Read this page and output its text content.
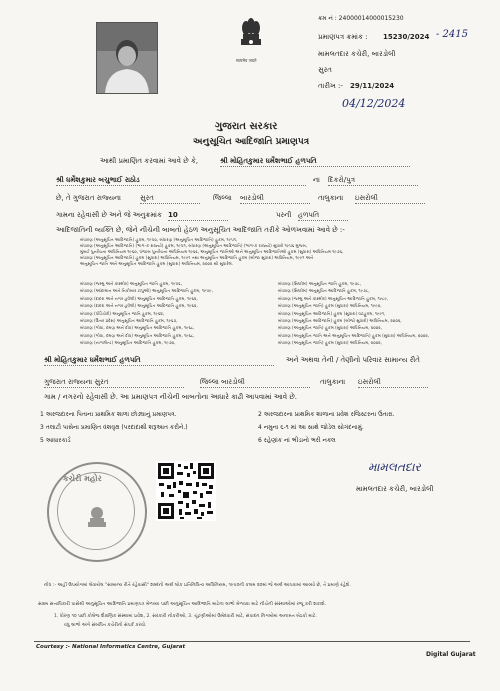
सत्यमेव जयते
ક્રમ નં : 24000014000015230
પ્રમાણપત્ર ક્રમાંક : 15230/2024 - 2415
મામલતદાર કચેરી, બારડોલી
સુરત
તારીખ :- 29/11/2024
04/12/2024
ગુજરાત સરકાર
અનુસૂચિત આદિજાતિ પ્રમાણપત્ર
આથી પ્રમાણિત કરવામાં આવે છે કે,	શ્રી મોહિતકુમાર ધર્મેશભાઈ હળપતિ
શ્રી ધર્મેશકુમાર બચુભાઈ રાઠોડ	ના દિકરો/પુત્ર
છે, તે ગુજરાત રાજ્યના	સુરત	જિલ્લા બારડોલી	તાલુકાના ઇસરોલી
ગામના રહેવાસી છે અને જે અનુક્રમાંક 10	પરની હળપતિ
આદિજાતિની વ્યક્તિ છે, જેને નીચેની બાબતો હેઠળ અનુસૂચિત આદિજાતિ તરીકે ઓળખવામાં આવે છે :-
બંધારણ (અનુસૂચિત આદિજાતિ) હુકમ, ૧૯૫૦, બંધારણ (અનુસૂચિત આદિજાતિ) હુકમ, ૧૯૫૧,
બંધારણ (અનુસૂચિત આદિજાતિ) (ભાગ-ક રાજ્યો) હુકમ, ૧૯૫૧, બંધારણ (અનુસૂચિત આદિજાતિ) (ભાગ-ક રાજ્યો) સુધારો ૧૯૫૬ મુજબ,
મુંબઈ પુનર્રચના અધિનિયમ ૧૯૬૦, પંજાબ પુનર્રચના અધિનિયમ ૧૯૬૬, અનુસૂચિત જાતિઓ અને અનુસૂચિત આદિજાતિઓ હુકમ (સુધારા) અધિનિયમ ૧૯૭૬,
બંધારણ (અનુસૂચિત આદિજાતિ) હુકમ (સુધારા) અધિનિયમ, ૧૯૯૧ તથા અનુસૂચિત આદિજાતિ હુકમ (બીજા સુધારા) અધિનિયમ, ૧૯૯૧ અને
અનુસૂચિત જાતિ અને અનુસૂચિત આદિજાતિ હુકમ (સુધારા) અધિનિયમ, ૨૦૦૨ થી સુધારેલ.
બંધારણ (જમ્મુ અને કાશ્મીર) અનુસૂચિત જાતિ હુકમ, ૧૯૫૬,
બંધારણ (આંદામાન અને નિકોબાર ટાપુઓ) અનુસૂચિત આદિજાતિ હુકમ, ૧૯૫૯,
બંધારણ (દાદરા અને નગર હવેલી) અનુસૂચિત આદિજાતિ હુકમ, ૧૯૬૨,
બંધારણ (દાદરા અને નગર હવેલી) અનુસૂચિત આદિજાતિ હુકમ, ૧૯૬૨,
બંધારણ (પોંડિચેરી) અનુસૂચિત જાતિ હુકમ, ૧૯૬૪,
બંધારણ (ઉત્તર પ્રદેશ) અનુસૂચિત આદિજાતિ હુકમ, ૧૯૬૭,
બંધારણ (ગોવા, દમણ અને દીવ) અનુસૂચિત આદિજાતિ હુકમ, ૧૯૬૮,
બંધારણ (ગોવા, દમણ અને દીવ) અનુસૂચિત આદિજાતિ હુકમ, ૧૯૬૮,
બંધારણ (નાગાલેન્ડ) અનુસૂચિત આદિજાતિ હુકમ, ૧૯૭૦,
બંધારણ (સિક્કીમ) અનુસૂચિત જાતિ હુકમ, ૧૯૭૮,
બંધારણ (સિક્કીમ) અનુસૂચિત આદિજાતિ હુકમ, ૧૯૭૮,
બંધારણ (જમ્મુ અને કાશ્મીર) અનુસૂચિત આદિજાતિ હુકમ, ૧૯૮૯,
બંધારણ (અનુસૂચિત જાતિ) હુકમ (સુધારા) અધિનિયમ, ૧૯૯૦,
બંધારણ (અનુસૂચિત આદિજાતિ) હુકમ (સુધારા) વટહુકમ, ૧૯૯૧,
બંધારણ (અનુસૂચિત આદિજાતિ) હુકમ (બીજો સુધારો) અધિનિયમ, ૨૦૦૨,
બંધારણ (અનુસૂચિત જાતિ) હુકમ (સુધારા) અધિનિયમ, ૨૦૦૨,
બંધારણ (અનુસૂચિત જાતિ અને અનુસૂચિત આદિજાતિ) હુકમ (સુધારા) અધિનિયમ, ૨૦૦૨,
બંધારણ (અનુસૂચિત જાતિ) હુકમ (સુધારા) અધિનિયમ, ૨૦૦૨,
શ્રી મોહિતકુમાર ધર્મેશભાઈ હળપતિ	અને અથવા તેની / તેણીનો પરિવાર સામાન્ય રીતે
ગુજરાત રાજ્યના સુરત	જિલ્લા બારડોલી	તાલુકાના ઇસરોલી
ગામ / નગરનો રહેવાસી છે. આ પ્રમાણપત્ર નીચેની બાબતોના આધારે કાઢી આપવામાં આવે છે.
1 અરજદારના પિતાના પ્રાથમિક શાળા છોડ્યાનું પ્રમાણપત્ર.	2 અરજદારના પ્રાથમિક શાળાના પ્રવેશ રજિસ્ટરના ઉતારા.
3 તલાટી પાસેના પ્રમાણિત વંશવૃક્ષ (પરદાદાથી શરૂઆત કરીને.)	4 નમુના ૬-૧ માં આ સાથે જોડેલ સોગંદનામું.
5 આધારકાર્ડ	6 રહેણાંક નાં ભીડાનો ભરી નકલ
કચેરી મહોર
મામલતદાર
મામલતદાર કચેરી, બારડોલી
નોંધ :- અહીં ઉપયોગમાં લેવાયેલ "સામાન્ય રીતે રહેવાસી" શબ્દનો અર્થ લોક પ્રતિનિધિત્વ અધિનિયમ, ૧૯૫૦ની કલમ ૨૦માં જે અર્થ આપવામાં આવ્યો છે, તે પ્રમાણે રહેશે.
સક્ષમ સત્તાધિકારી પાસેથી અનુસૂચિત આદિજાતિ પ્રમાણપત્ર મેળવ્યા પછી અનુસૂચિત આદિજાતિ માટેના લાભો મેળવવા માટે નીચેની સંસ્થાઓમાં રજૂ કરી શકાશે.
1. ધોરણ ૧૦ પછી કોલેજ શૈક્ષણિક સંસ્થામાં પ્રવેશ, 2. સરકારી નોકરીઓ, 3. ચૂંટણીઓમાં ઉમેદવારી માટે, સંપાદન નિગમોમાં અનામત બેઠકો માટે.
વધુ લાભો અંગે સંબંધિત કચેરીનો સંપર્ક કરવો.
Courtesy :- National Informatics Centre, Gujarat
Digital Gujarat
